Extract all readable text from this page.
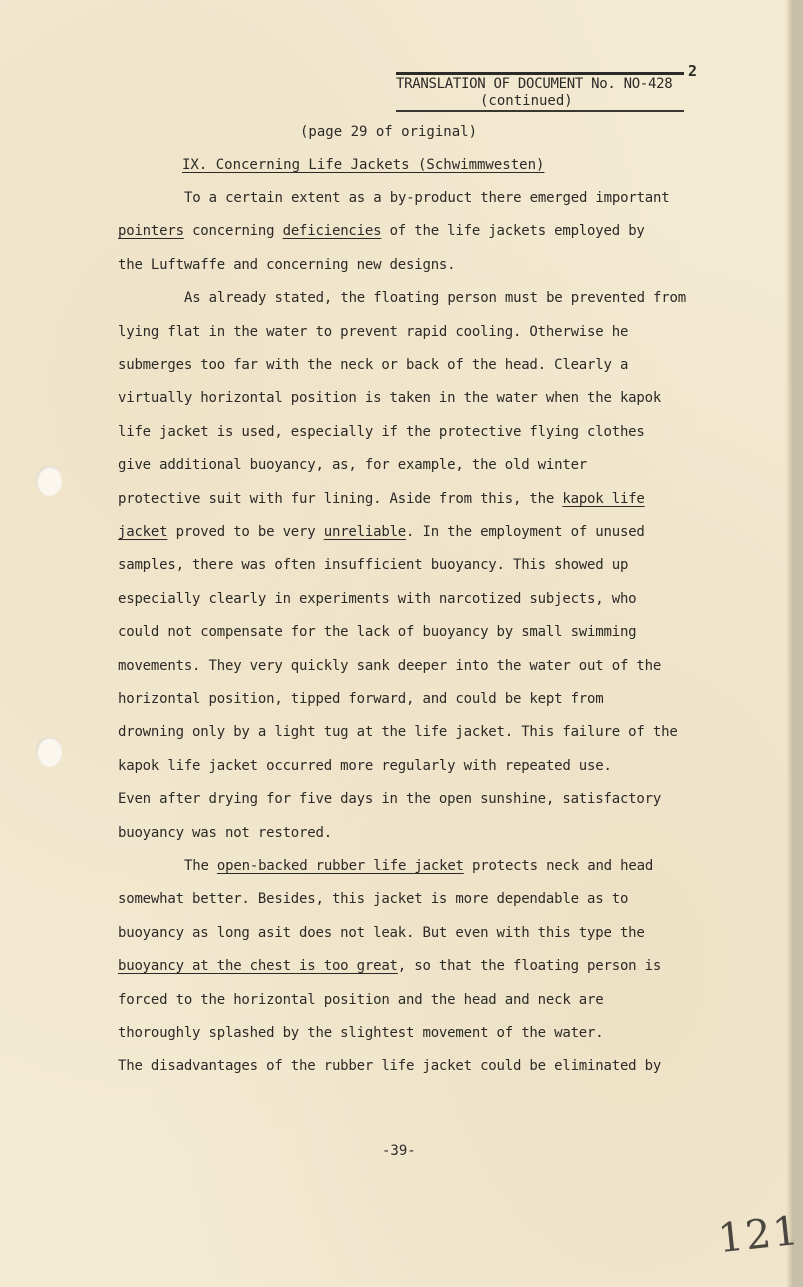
2
TRANSLATION OF DOCUMENT No. NO-428
(continued)
(page 29 of original)
IX. Concerning Life Jackets (Schwimmwesten)
To a certain extent as a by-product there emerged important
pointers concerning deficiencies of the life jackets employed by
the Luftwaffe and concerning new designs.
As already stated, the floating person must be prevented from
lying flat in the water to prevent rapid cooling. Otherwise he
submerges too far with the neck or back of the head. Clearly a
virtually horizontal position is taken in the water when the kapok
life jacket is used, especially if the protective flying clothes
give additional buoyancy, as, for example, the old winter
protective suit with fur lining. Aside from this, the kapok life
jacket proved to be very unreliable. In the employment of unused
samples, there was often insufficient buoyancy. This showed up
especially clearly in experiments with narcotized subjects, who
could not compensate for the lack of buoyancy by small swimming
movements. They very quickly sank deeper into the water out of the
horizontal position, tipped forward, and could be kept from
drowning only by a light tug at the life jacket. This failure of the
kapok life jacket occurred more regularly with repeated use.
Even after drying for five days in the open sunshine, satisfactory
buoyancy was not restored.
The open-backed rubber life jacket protects neck and head
somewhat better. Besides, this jacket is more dependable as to
buoyancy as long asit does not leak. But even with this type the
buoyancy at the chest is too great, so that the floating person is
forced to the horizontal position and the head and neck are
thoroughly splashed by the slightest movement of the water.
The disadvantages of the rubber life jacket could be eliminated by
-39-
121
